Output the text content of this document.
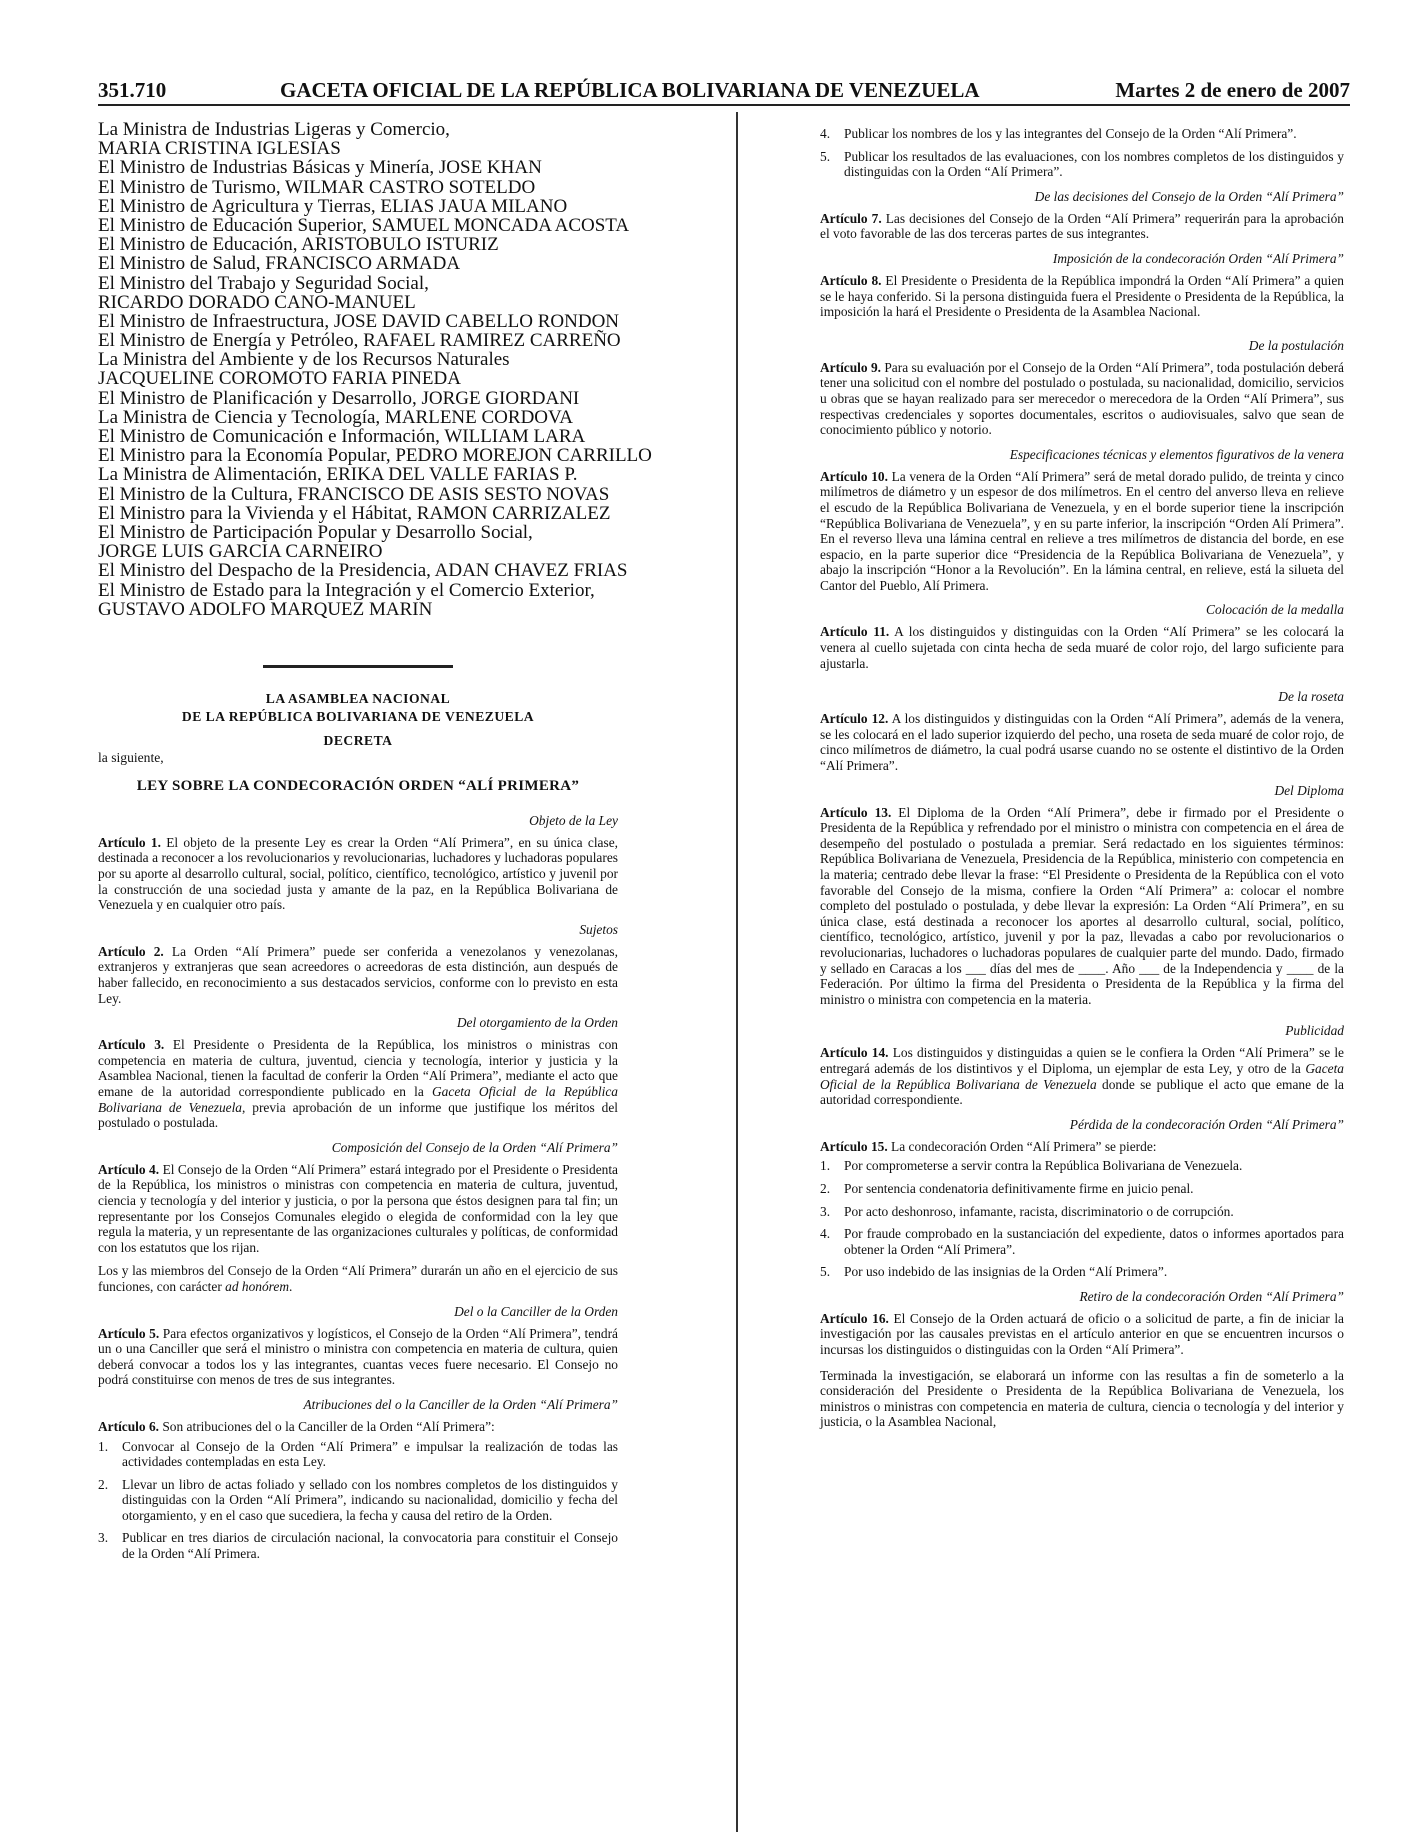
351.710	GACETA OFICIAL DE LA REPÚBLICA BOLIVARIANA DE VENEZUELA	Martes 2 de enero de 2007
La Ministra de Industrias Ligeras y Comercio,
MARIA CRISTINA IGLESIAS
El Ministro de Industrias Básicas y Minería, JOSE KHAN
El Ministro de Turismo, WILMAR CASTRO SOTELDO
El Ministro de Agricultura y Tierras, ELIAS JAUA MILANO
El Ministro de Educación Superior, SAMUEL MONCADA ACOSTA
El Ministro de Educación, ARISTOBULO ISTURIZ
El Ministro de Salud, FRANCISCO ARMADA
El Ministro del Trabajo y Seguridad Social,
RICARDO DORADO CANO-MANUEL
El Ministro de Infraestructura, JOSE DAVID CABELLO RONDON
El Ministro de Energía y Petróleo, RAFAEL RAMIREZ CARREÑO
La Ministra del Ambiente y de los Recursos Naturales
JACQUELINE COROMOTO FARIA PINEDA
El Ministro de Planificación y Desarrollo, JORGE GIORDANI
La Ministra de Ciencia y Tecnología, MARLENE CORDOVA
El Ministro de Comunicación e Información, WILLIAM LARA
El Ministro para la Economía Popular, PEDRO MOREJON CARRILLO
La Ministra de Alimentación, ERIKA DEL VALLE FARIAS P.
El Ministro de la Cultura, FRANCISCO DE ASIS SESTO NOVAS
El Ministro para la Vivienda y el Hábitat, RAMON CARRIZALEZ
El Ministro de Participación Popular y Desarrollo Social,
JORGE LUIS GARCIA CARNEIRO
El Ministro del Despacho de la Presidencia, ADAN CHAVEZ FRIAS
El Ministro de Estado para la Integración y el Comercio Exterior,
GUSTAVO ADOLFO MARQUEZ MARIN
LA ASAMBLEA NACIONAL
DE LA REPÚBLICA BOLIVARIANA DE VENEZUELA
DECRETA
la siguiente,
LEY SOBRE LA CONDECORACIÓN ORDEN “ALÍ PRIMERA”
Objeto de la Ley

Artículo 1. El objeto de la presente Ley es crear la Orden “Alí Primera”, en su única clase, destinada a reconocer a los revolucionarios y revolucionarias, luchadores y luchadoras populares por su aporte al desarrollo cultural, social, político, científico, tecnológico, artístico y juvenil por la construcción de una sociedad justa y amante de la paz, en la República Bolivariana de Venezuela y en cualquier otro país.

Sujetos

Artículo 2. La Orden “Alí Primera” puede ser conferida a venezolanos y venezolanas, extranjeros y extranjeras que sean acreedores o acreedoras de esta distinción, aun después de haber fallecido, en reconocimiento a sus destacados servicios, conforme con lo previsto en esta Ley.

Del otorgamiento de la Orden

Artículo 3. El Presidente o Presidenta de la República, los ministros o ministras con competencia en materia de cultura, juventud, ciencia y tecnología, interior y justicia y la Asamblea Nacional, tienen la facultad de conferir la Orden “Alí Primera”, mediante el acto que emane de la autoridad correspondiente publicado en la Gaceta Oficial de la República Bolivariana de Venezuela, previa aprobación de un informe que justifique los méritos del postulado o postulada.

Composición del Consejo de la Orden “Alí Primera”

Artículo 4. El Consejo de la Orden “Alí Primera” estará integrado por el Presidente o Presidenta de la República, los ministros o ministras con competencia en materia de cultura, juventud, ciencia y tecnología y del interior y justicia, o por la persona que éstos designen para tal fin; un representante por los Consejos Comunales elegido o elegida de conformidad con la ley que regula la materia, y un representante de las organizaciones culturales y políticas, de conformidad con los estatutos que los rijan.

Los y las miembros del Consejo de la Orden “Alí Primera” durarán un año en el ejercicio de sus funciones, con carácter ad honórem.

Del o la Canciller de la Orden

Artículo 5. Para efectos organizativos y logísticos, el Consejo de la Orden “Alí Primera”, tendrá un o una Canciller que será el ministro o ministra con competencia en materia de cultura, quien deberá convocar a todos los y las integrantes, cuantas veces fuere necesario. El Consejo no podrá constituirse con menos de tres de sus integrantes.

Atribuciones del o la Canciller de la Orden “Alí Primera”

Artículo 6. Son atribuciones del o la Canciller de la Orden “Alí Primera”:

1. Convocar al Consejo de la Orden “Alí Primera” e impulsar la realización de todas las actividades contempladas en esta Ley.
2. Llevar un libro de actas foliado y sellado con los nombres completos de los distinguidos y distinguidas con la Orden “Alí Primera”, indicando su nacionalidad, domicilio y fecha del otorgamiento, y en el caso que sucediera, la fecha y causa del retiro de la Orden.
3. Publicar en tres diarios de circulación nacional, la convocatoria para constituir el Consejo de la Orden “Alí Primera.
4. Publicar los nombres de los y las integrantes del Consejo de la Orden “Alí Primera”.
5. Publicar los resultados de las evaluaciones, con los nombres completos de los distinguidos y distinguidas con la Orden “Alí Primera”.
De las decisiones del Consejo de la Orden “Alí Primera”

Artículo 7. Las decisiones del Consejo de la Orden “Alí Primera” requerirán para la aprobación el voto favorable de las dos terceras partes de sus integrantes.

Imposición de la condecoración Orden “Alí Primera”

Artículo 8. El Presidente o Presidenta de la República impondrá la Orden “Alí Primera” a quien se le haya conferido. Si la persona distinguida fuera el Presidente o Presidenta de la República, la imposición la hará el Presidente o Presidenta de la Asamblea Nacional.

De la postulación

Artículo 9. Para su evaluación por el Consejo de la Orden “Alí Primera”, toda postulación deberá tener una solicitud con el nombre del postulado o postulada, su nacionalidad, domicilio, servicios u obras que se hayan realizado para ser merecedor o merecedora de la Orden “Alí Primera”, sus respectivas credenciales y soportes documentales, escritos o audiovisuales, salvo que sean de conocimiento público y notorio.

Especificaciones técnicas y elementos figurativos de la venera

Artículo 10. La venera de la Orden “Alí Primera” será de metal dorado pulido, de treinta y cinco milímetros de diámetro y un espesor de dos milímetros. En el centro del anverso lleva en relieve el escudo de la República Bolivariana de Venezuela, y en el borde superior tiene la inscripción “República Bolivariana de Venezuela”, y en su parte inferior, la inscripción “Orden Alí Primera”. En el reverso lleva una lámina central en relieve a tres milímetros de distancia del borde, en ese espacio, en la parte superior dice “Presidencia de la República Bolivariana de Venezuela”, y abajo la inscripción “Honor a la Revolución”. En la lámina central, en relieve, está la silueta del Cantor del Pueblo, Alí Primera.

Colocación de la medalla

Artículo 11. A los distinguidos y distinguidas con la Orden “Alí Primera” se les colocará la venera al cuello sujetada con cinta hecha de seda muaré de color rojo, del largo suficiente para ajustarla.

De la roseta

Artículo 12. A los distinguidos y distinguidas con la Orden “Alí Primera”, además de la venera, se les colocará en el lado superior izquierdo del pecho, una roseta de seda muaré de color rojo, de cinco milímetros de diámetro, la cual podrá usarse cuando no se ostente el distintivo de la Orden “Alí Primera”.

Del Diploma

Artículo 13. El Diploma de la Orden “Alí Primera”, debe ir firmado por el Presidente o Presidenta de la República y refrendado por el ministro o ministra con competencia en el área de desempeño del postulado o postulada a premiar. Será redactado en los siguientes términos: República Bolivariana de Venezuela, Presidencia de la República, ministerio con competencia en la materia; centrado debe llevar la frase: “El Presidente o Presidenta de la República con el voto favorable del Consejo de la misma, confiere la Orden “Alí Primera” a: colocar el nombre completo del postulado o postulada, y debe llevar la expresión: La Orden “Alí Primera”, en su única clase, está destinada a reconocer los aportes al desarrollo cultural, social, político, científico, tecnológico, artístico, juvenil y por la paz, llevadas a cabo por revolucionarios o revolucionarias, luchadores o luchadoras populares de cualquier parte del mundo. Dado, firmado y sellado en Caracas a los ___ días del mes de ____. Año ___ de la Independencia y ____ de la Federación. Por último la firma del Presidenta o Presidenta de la República y la firma del ministro o ministra con competencia en la materia.

Publicidad

Artículo 14. Los distinguidos y distinguidas a quien se le confiera la Orden “Alí Primera” se le entregará además de los distintivos y el Diploma, un ejemplar de esta Ley, y otro de la Gaceta Oficial de la República Bolivariana de Venezuela donde se publique el acto que emane de la autoridad correspondiente.

Pérdida de la condecoración Orden “Alí Primera”

Artículo 15. La condecoración Orden “Alí Primera” se pierde:

1. Por comprometerse a servir contra la República Bolivariana de Venezuela.
2. Por sentencia condenatoria definitivamente firme en juicio penal.
3. Por acto deshonroso, infamante, racista, discriminatorio o de corrupción.
4. Por fraude comprobado en la sustanciación del expediente, datos o informes aportados para obtener la Orden “Alí Primera”.
5. Por uso indebido de las insignias de la Orden “Alí Primera”.
Retiro de la condecoración Orden “Alí Primera”

Artículo 16. El Consejo de la Orden actuará de oficio o a solicitud de parte, a fin de iniciar la investigación por las causales previstas en el artículo anterior en que se encuentren incursos o incursas los distinguidos o distinguidas con la Orden “Alí Primera”.

Terminada la investigación, se elaborará un informe con las resultas a fin de someterlo a la consideración del Presidente o Presidenta de la República Bolivariana de Venezuela, los ministros o ministras con competencia en materia de cultura, ciencia o tecnología y del interior y justicia, o la Asamblea Nacional,
